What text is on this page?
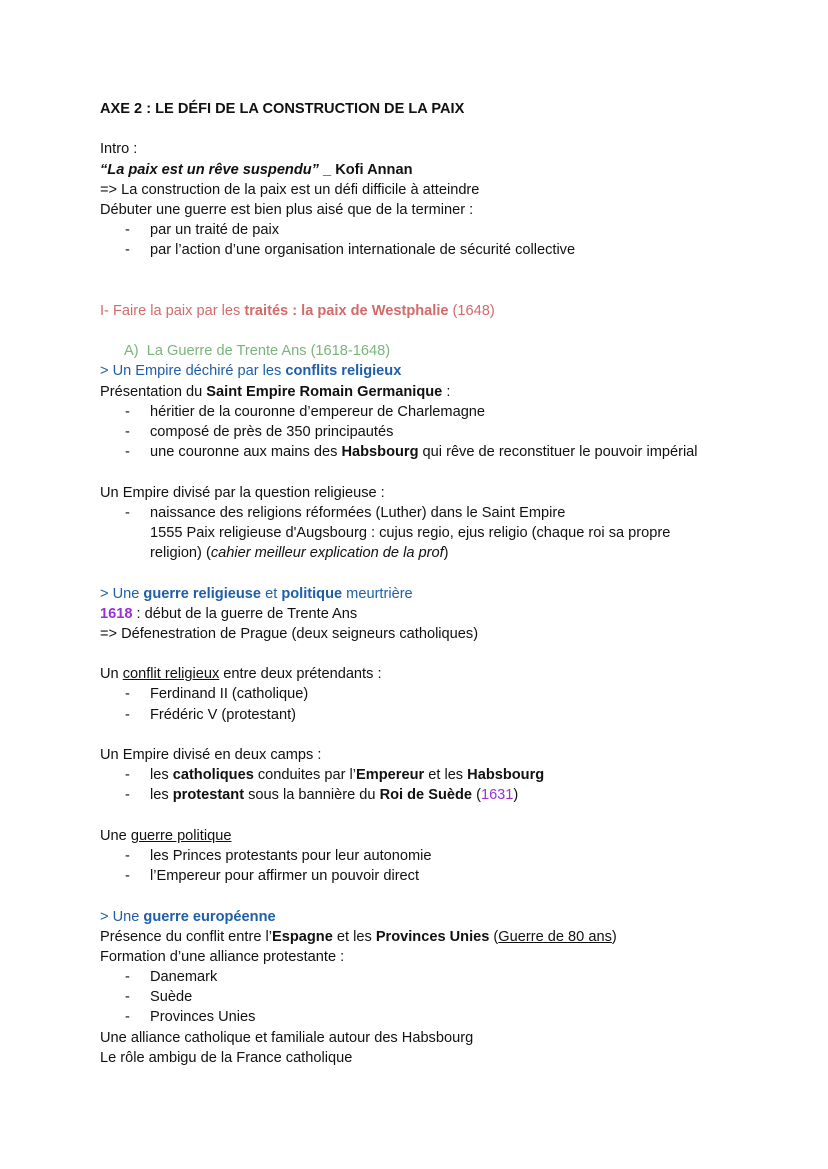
AXE 2 : LE DÉFI DE LA CONSTRUCTION DE LA PAIX
Intro :
“La paix est un rêve suspendu” _ Kofi Annan
=> La construction de la paix est un défi difficile à atteindre
Débuter une guerre est bien plus aisé que de la terminer :
- par un traité de paix
- par l’action d’une organisation internationale de sécurité collective
I- Faire la paix par les traités : la paix de Westphalie (1648)
A) La Guerre de Trente Ans (1618-1648)
> Un Empire déchiré par les conflits religieux
Présentation du Saint Empire Romain Germanique :
- héritier de la couronne d’empereur de Charlemagne
- composé de près de 350 principautés
- une couronne aux mains des Habsbourg qui rêve de reconstituer le pouvoir impérial
Un Empire divisé par la question religieuse :
- naissance des religions réformées (Luther) dans le Saint Empire
1555 Paix religieuse d'Augsbourg : cujus regio, ejus religio (chaque roi sa propre
religion) (cahier meilleur explication de la prof)
> Une guerre religieuse et politique meurtrière
1618 : début de la guerre de Trente Ans
=> Défenestration de Prague (deux seigneurs catholiques)
Un conflit religieux entre deux prétendants :
- Ferdinand II (catholique)
- Frédéric V (protestant)
Un Empire divisé en deux camps :
- les catholiques conduites par l’Empereur et les Habsbourg
- les protestant sous la bannière du Roi de Suède (1631)
Une guerre politique
- les Princes protestants pour leur autonomie
- l’Empereur pour affirmer un pouvoir direct
> Une guerre européenne
Présence du conflit entre l’Espagne et les Provinces Unies (Guerre de 80 ans)
Formation d’une alliance protestante :
- Danemark
- Suède
- Provinces Unies
Une alliance catholique et familiale autour des Habsbourg
Le rôle ambigu de la France catholique
